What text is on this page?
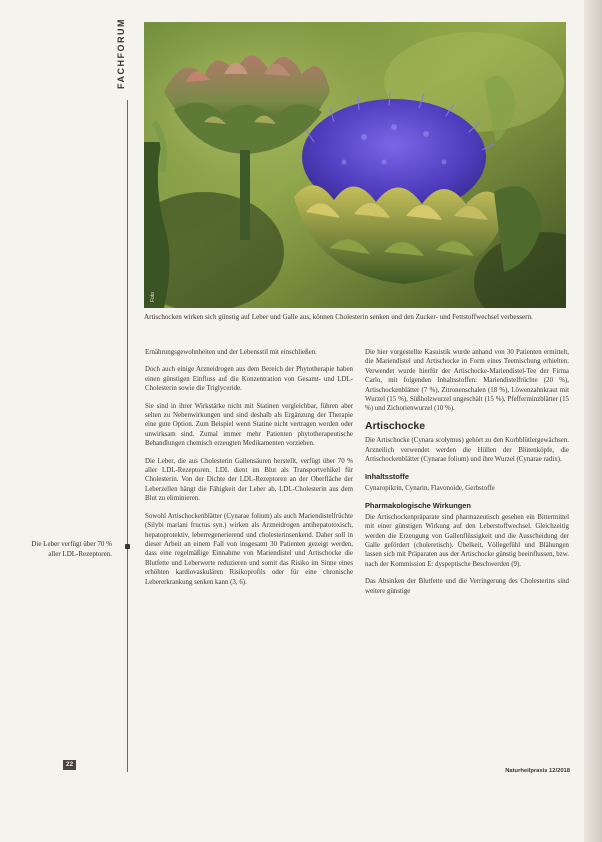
FACHFORUM
Foto
Artischocken wirken sich günstig auf Leber und Galle aus, können Cholesterin senken und den Zucker- und Fettstoffwechsel verbessern.
Die Leber verfügt über 70 % aller LDL-Rezeptoren.

Ernährungsgewohnheiten und der Lebensstil mit einschließen.

Doch auch einige Arzneidrogen aus dem Bereich der Phytotherapie haben einen günstigen Einfluss auf die Konzentration von Gesamt- und LDL-Cholesterin sowie die Triglyceride.

Sie sind in ihrer Wirkstärke nicht mit Statinen vergleichbar, führen aber selten zu Nebenwirkungen und sind deshalb als Ergänzung der Therapie eine gute Option. Zum Beispiel wenn Statine nicht vertragen werden oder unwirksam sind. Zumal immer mehr Patienten phytotherapeutische Behandlungen chemisch erzeugten Medikamenten vorziehen.

Die Leber, die aus Cholesterin Gallensäuren herstellt, verfügt über 70 % aller LDL-Rezeptoren. LDL dient im Blut als Transportvehikel für Cholesterin. Von der Dichte der LDL-Rezeptoren an der Oberfläche der Leberzellen hängt die Fähigkeit der Leber ab, LDL-Cholesterin aus dem Blut zu eliminieren.

Sowohl Artischockenblätter (Cynarae folium) als auch Mariendistelfrüchte (Silybi mariani fructus syn.) wirken als Arzneidrogen antihepatotoxisch, hepatoprotektiv, leberregenerierend und cholesterinsenkend. Daher soll in dieser Arbeit an einem Fall von insgesamt 30 Patienten gezeigt werden, dass eine regelmäßige Einnahme von Mariendistel und Artischocke die Blutfette und Leberwerte reduzieren und somit das Risiko im Sinne eines erhöhten kardiovaskulären Risikoprofils oder für eine chronische Lebererkrankung senken kann (3, 6).

Die hier vorgestellte Kasuistik wurde anhand von 30 Patienten ermittelt, die Mariendistel und Artischocke in Form eines Teemischung erhielten. Verwendet wurde hierfür der Artischocke-Mariendistel-Tee der Firma Carlo, mit folgenden Inhaltsstoffen: Mariendistelfrüchte (20 %), Artischockenblätter (7 %), Zitronenschalen (18 %), Löwenzahnkraut mit Wurzel (15 %), Süßholzwurzel ungeschält (15 %), Pfefferminzblätter (15 %) und Zichorienwurzel (10 %).

Artischocke

Die Artischocke (Cynara scolymus) gehört zu den Korbblütlergewächsen. Arzneilich verwendet werden die Hüllen der Blütenköpfe, die Artischockenblätter (Cynarae folium) und ihre Wurzel (Cynarae radix).

Inhaltsstoffe

Cynaropikrin, Cynarin, Flavonoide, Gerbstoffe

Pharmakologische Wirkungen

Die Artischockenpräparate sind pharmazeutisch gesehen ein Bittermittel mit einer günstigen Wirkung auf den Leberstoffwechsel. Gleichzeitig werden die Erzeugung von Gallenflüssigkeit und die Ausscheidung der Galle gefördert (choleretisch). Übelkeit, Völlegefühl und Blähungen lassen sich mit Präparaten aus der Artischocke günstig beeinflussen, bzw. nach der Kommission E: dyspeptische Beschwerden (9).

Das Absinken der Blutfette und die Verringerung des Cholesterins sind weitere günstige

22
Naturheilpraxis 12/2018
